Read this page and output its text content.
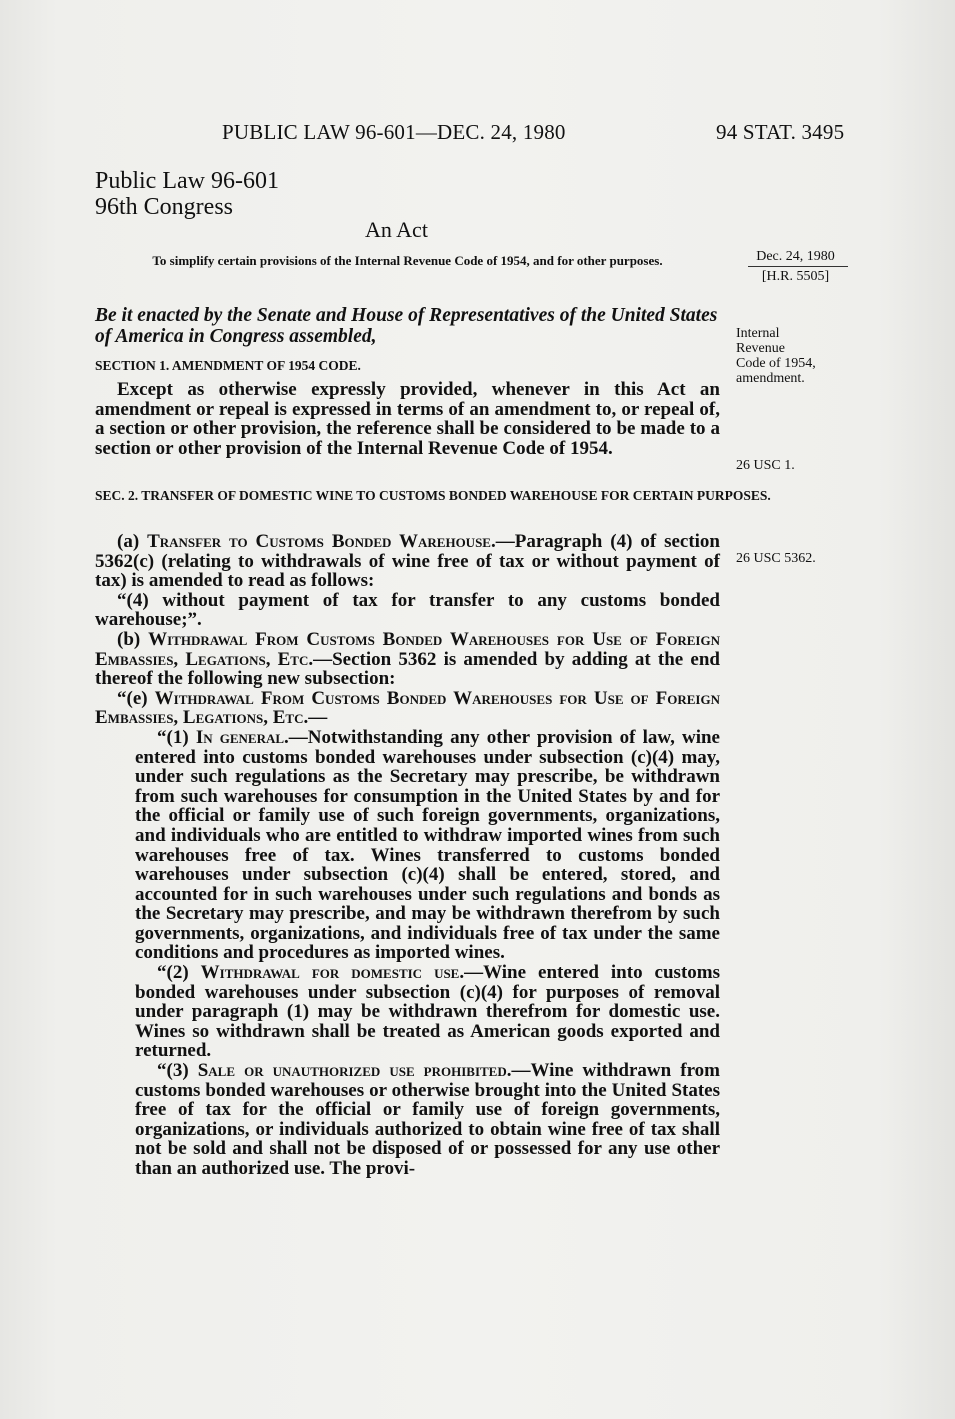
PUBLIC LAW 96-601—DEC. 24, 1980	94 STAT. 3495
Public Law 96-601
96th Congress
An Act
To simplify certain provisions of the Internal Revenue Code of 1954, and for other purposes.	Dec. 24, 1980
[H.R. 5505]
Be it enacted by the Senate and House of Representatives of the United States of America in Congress assembled,	Internal
Revenue
Code of 1954,
amendment.
SECTION 1. AMENDMENT OF 1954 CODE.

Except as otherwise expressly provided, whenever in this Act an amendment or repeal is expressed in terms of an amendment to, or repeal of, a section or other provision, the reference shall be considered to be made to a section or other provision of the Internal Revenue Code of 1954.

26 USC 1.
SEC. 2. TRANSFER OF DOMESTIC WINE TO CUSTOMS BONDED WAREHOUSE FOR CERTAIN PURPOSES.
26 USC 5362.

(a) Transfer to Customs Bonded Warehouse.—Paragraph (4) of section 5362(c) (relating to withdrawals of wine free of tax or without payment of tax) is amended to read as follows:

“(4) without payment of tax for transfer to any customs bonded warehouse;”.

(b) Withdrawal From Customs Bonded Warehouses for Use of Foreign Embassies, Legations, Etc.—Section 5362 is amended by adding at the end thereof the following new subsection:

“(e) Withdrawal From Customs Bonded Warehouses for Use of Foreign Embassies, Legations, Etc.—

“(1) In general.—Notwithstanding any other provision of law, wine entered into customs bonded warehouses under subsection (c)(4) may, under such regulations as the Secretary may prescribe, be withdrawn from such warehouses for consumption in the United States by and for the official or family use of such foreign governments, organizations, and individuals who are entitled to withdraw imported wines from such warehouses free of tax. Wines transferred to customs bonded warehouses under subsection (c)(4) shall be entered, stored, and accounted for in such warehouses under such regulations and bonds as the Secretary may prescribe, and may be withdrawn therefrom by such governments, organizations, and individuals free of tax under the same conditions and procedures as imported wines.

“(2) Withdrawal for domestic use.—Wine entered into customs bonded warehouses under subsection (c)(4) for purposes of removal under paragraph (1) may be withdrawn therefrom for domestic use. Wines so withdrawn shall be treated as American goods exported and returned.

“(3) Sale or unauthorized use prohibited.—Wine withdrawn from customs bonded warehouses or otherwise brought into the United States free of tax for the official or family use of foreign governments, organizations, or individuals authorized to obtain wine free of tax shall not be sold and shall not be disposed of or possessed for any use other than an authorized use. The provi-
